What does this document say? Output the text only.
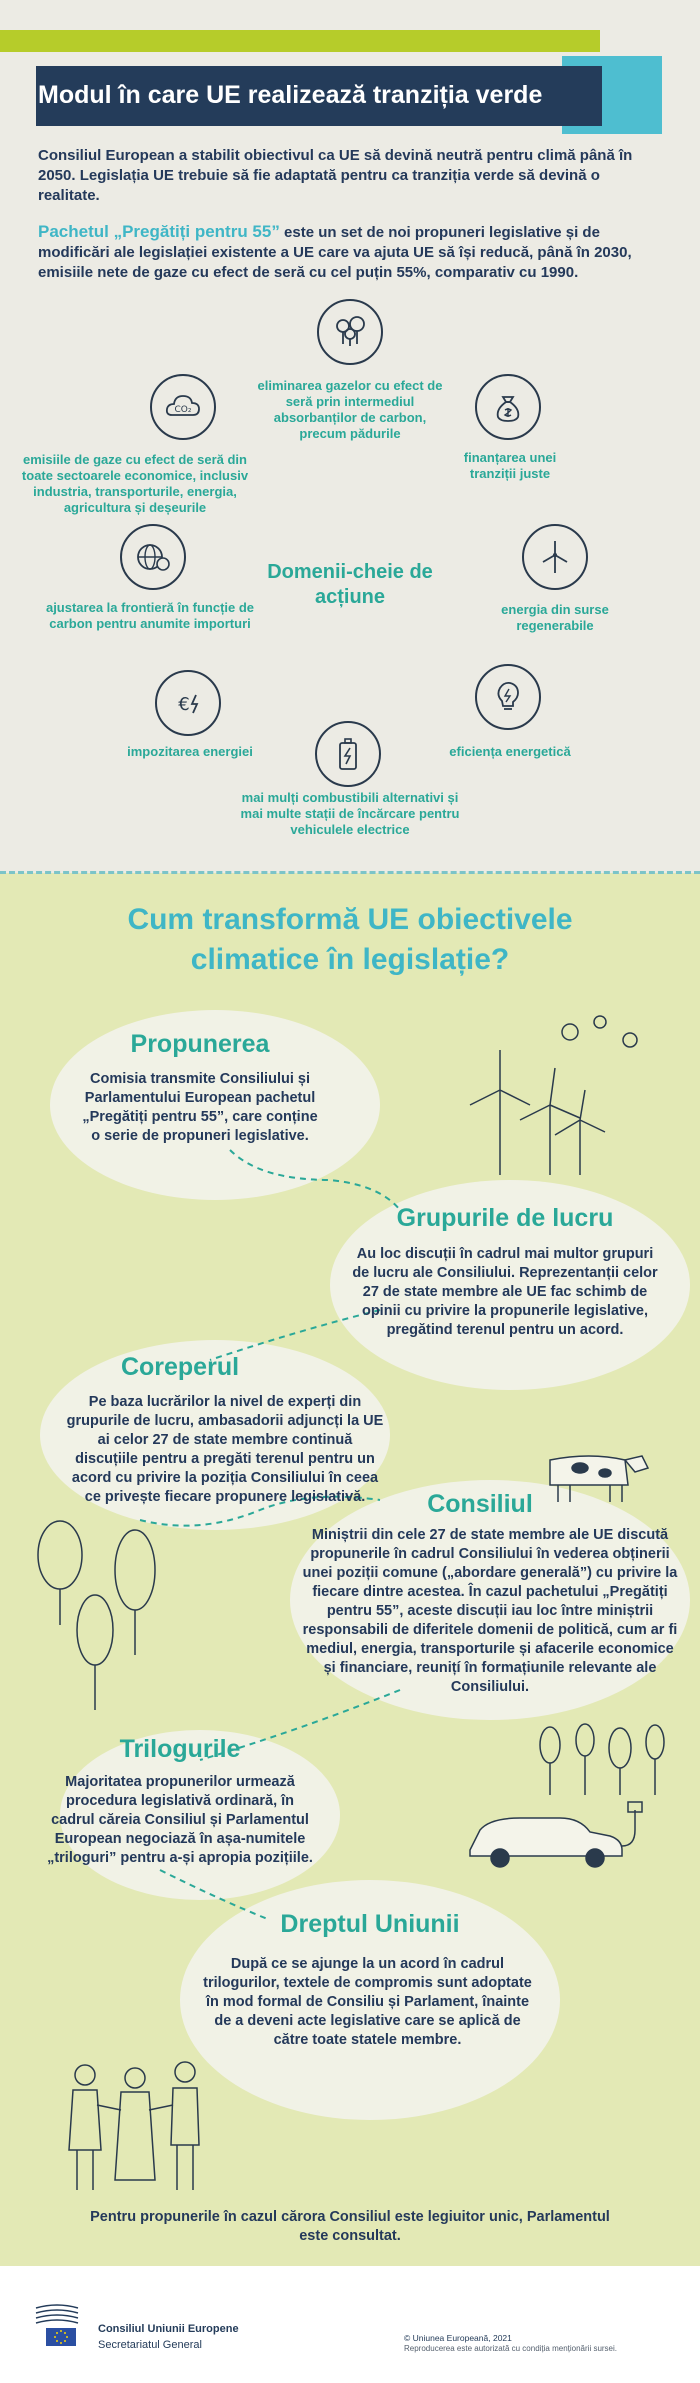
Modul în care UE realizează tranziția verde
Consiliul European a stabilit obiectivul ca UE să devină neutră pentru climă până în 2050. Legislația UE trebuie să fie adaptată pentru ca tranziția verde să devină o realitate.
Pachetul „Pregătiți pentru 55” este un set de noi propuneri legislative și de modificări ale legislației existente a UE care va ajuta UE să își reducă, până în 2030, emisiile nete de gaze cu efect de seră cu cel puțin 55%, comparativ cu 1990.
eliminarea gazelor cu efect de seră prin intermediul absorbanților de carbon, precum pădurile
CO₂
emisiile de gaze cu efect de seră din toate sectoarele economice, inclusiv industria, transporturile, energia, agricultura și deșeurile
finanțarea unei tranziții juste
ajustarea la frontieră în funcție de carbon pentru anumite importuri
Domenii-cheie de acțiune
energia din surse regenerabile
€
impozitarea energiei	eficiența energetică
mai mulți combustibili alternativi și mai multe stații de încărcare pentru vehiculele electrice
Cum transformă UE obiectivele climatice în legislație?
Propunerea
Comisia transmite Consiliului și Parlamentului European pachetul „Pregătiți pentru 55”, care conține o serie de propuneri legislative.
Grupurile de lucru
Au loc discuții în cadrul mai multor grupuri de lucru ale Consiliului. Reprezentanții celor 27 de state membre ale UE fac schimb de opinii cu privire la propunerile legislative, pregătind terenul pentru un acord.
Coreperul
Pe baza lucrărilor la nivel de experți din grupurile de lucru, ambasadorii adjuncți la UE ai celor 27 de state membre continuă discuțiile pentru a pregăti terenul pentru un acord cu privire la poziția Consiliului în ceea ce privește fiecare propunere legislativă.	Consiliul
Miniștrii din cele 27 de state membre ale UE discută propunerile în cadrul Consiliului în vederea obținerii unei poziții comune („abordare generală”) cu privire la fiecare dintre acestea. În cazul pachetului „Pregătiți pentru 55”, aceste discuții iau loc între miniștrii responsabili de diferitele domenii de politică, cum ar fi mediul, energia, transporturile și afacerile economice și financiare, reunițí în formațiunile relevante ale Consiliului.
Trilogurile
Majoritatea propunerilor urmează procedura legislativă ordinară, în cadrul căreia Consiliul și Parlamentul European negociază în așa-numitele „triloguri” pentru a-și apropia pozițiile.
Dreptul Uniunii
După ce se ajunge la un acord în cadrul trilogurilor, textele de compromis sunt adoptate în mod formal de Consiliu și Parlament, înainte de a deveni acte legislative care se aplică de către toate statele membre.
Pentru propunerile în cazul cărora Consiliul este legiuitor unic, Parlamentul este consultat.
Consiliul Uniunii Europene
Secretariatul General
© Uniunea Europeană, 2021
Reproducerea este autorizată cu condiția menționării sursei.
